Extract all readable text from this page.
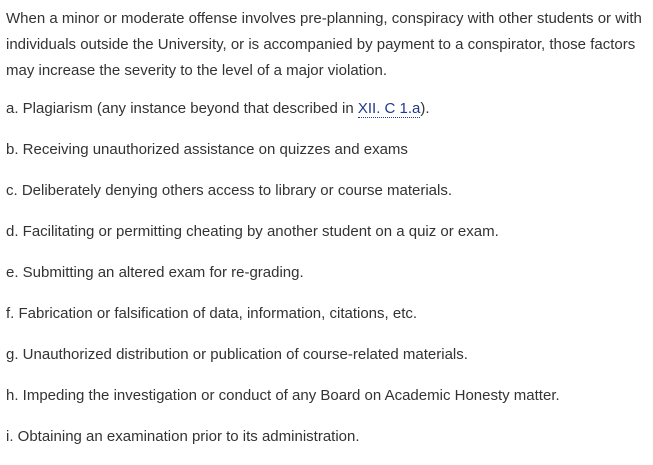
When a minor or moderate offense involves pre-planning, conspiracy with other students or with individuals outside the University, or is accompanied by payment to a conspirator, those factors may increase the severity to the level of a major violation.

a. Plagiarism (any instance beyond that described in XII. C 1.a).

b. Receiving unauthorized assistance on quizzes and exams

c. Deliberately denying others access to library or course materials.

d. Facilitating or permitting cheating by another student on a quiz or exam.

e. Submitting an altered exam for re-grading.

f. Fabrication or falsification of data, information, citations, etc.

g. Unauthorized distribution or publication of course-related materials.

h. Impeding the investigation or conduct of any Board on Academic Honesty matter.

i. Obtaining an examination prior to its administration.
